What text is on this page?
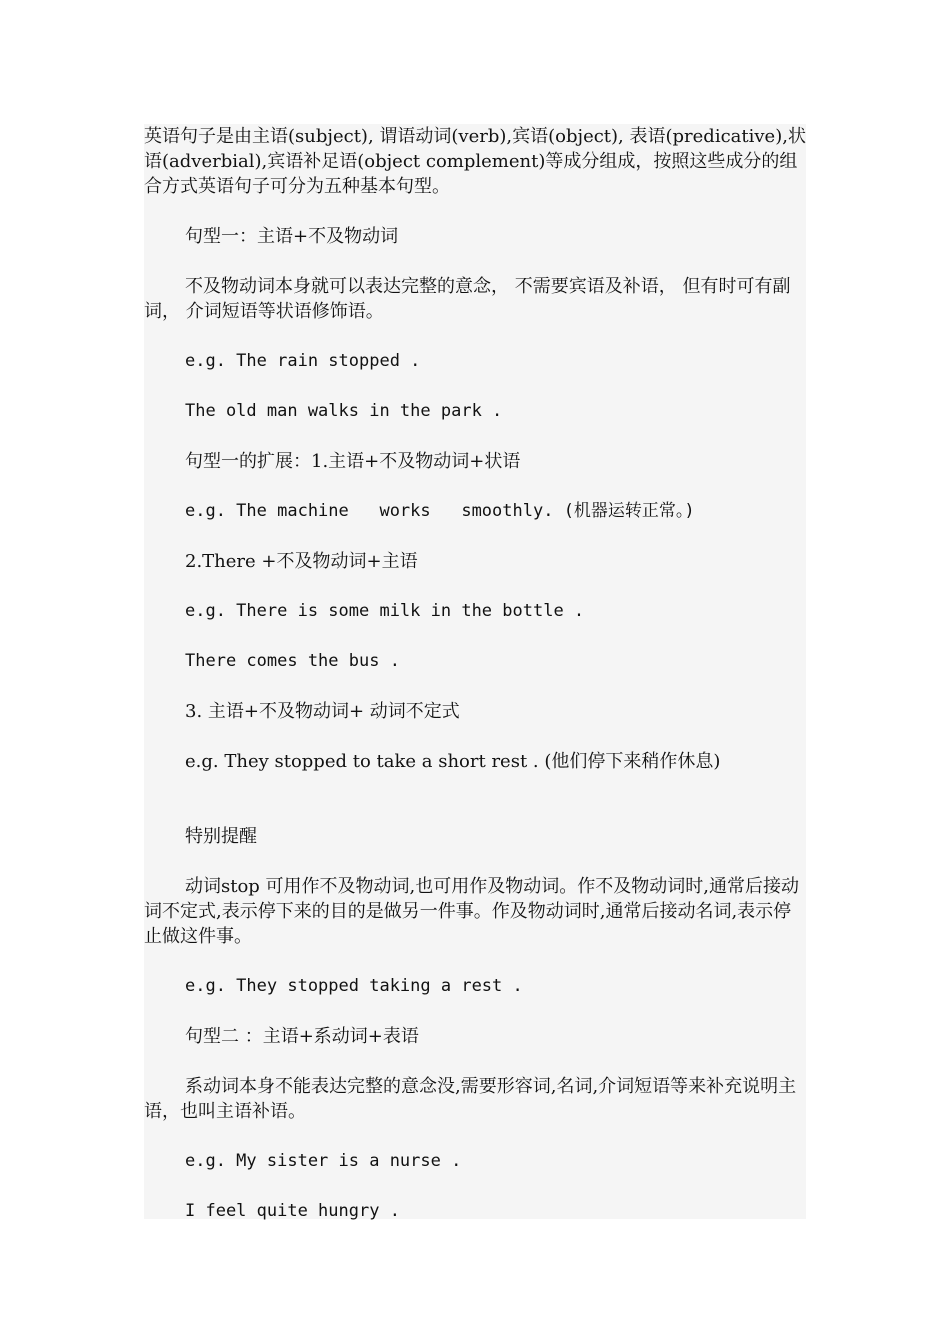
英语句子是由主语(subject), 谓语动词(verb),宾语(object), 表语(predicative),状语(adverbial),宾语补足语(object complement)等成分组成，按照这些成分的组合方式英语句子可分为五种基本句型。

句型一：主语+不及物动词

不及物动词本身就可以表达完整的意念， 不需要宾语及补语， 但有时可有副词， 介词短语等状语修饰语。

e.g. The rain stopped .

The old man walks in the park .

句型一的扩展：1.主语+不及物动词+状语

e.g. The machine   works   smoothly. (机器运转正常。)

2.There +不及物动词+主语

e.g. There is some milk in the bottle .

There comes the bus .

3. 主语+不及物动词+ 动词不定式

e.g. They stopped to take a short rest . (他们停下来稍作休息)

特别提醒

动词stop 可用作不及物动词,也可用作及物动词。作不及物动词时,通常后接动词不定式,表示停下来的目的是做另一件事。作及物动词时,通常后接动名词,表示停止做这件事。

e.g. They stopped taking a rest .

句型二 ：主语+系动词+表语

系动词本身不能表达完整的意念没,需要形容词,名词,介词短语等来补充说明主语，也叫主语补语。

e.g. My sister is a nurse .

I feel quite hungry .
